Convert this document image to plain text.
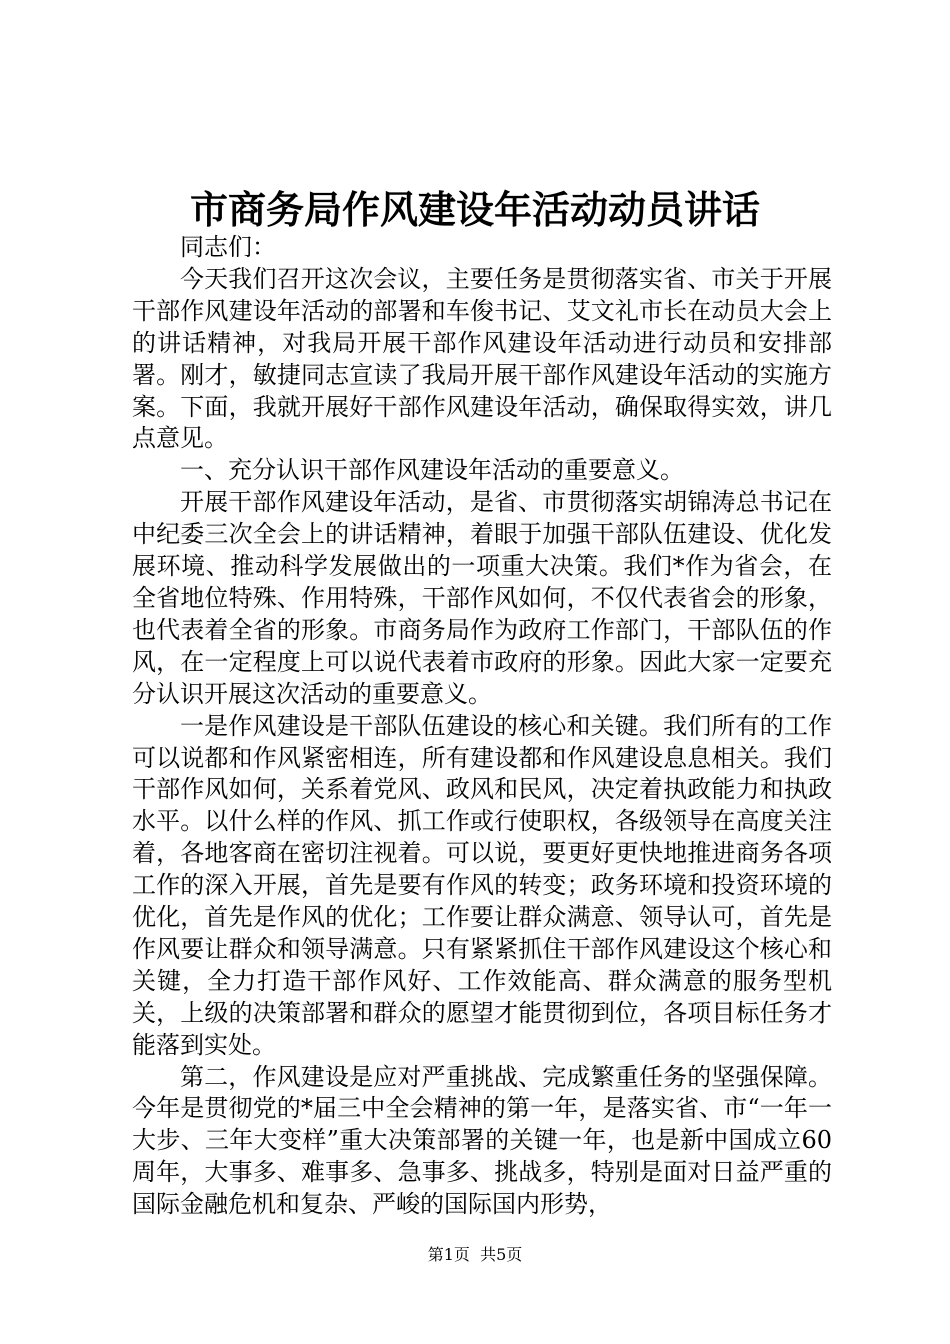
市商务局作风建设年活动动员讲话

同志们：

今天我们召开这次会议，主要任务是贯彻落实省、市关于开展干部作风建设年活动的部署和车俊书记、艾文礼市长在动员大会上的讲话精神，对我局开展干部作风建设年活动进行动员和安排部署。刚才，敏捷同志宣读了我局开展干部作风建设年活动的实施方案。下面，我就开展好干部作风建设年活动，确保取得实效，讲几点意见。

一、充分认识干部作风建设年活动的重要意义。

开展干部作风建设年活动，是省、市贯彻落实胡锦涛总书记在中纪委三次全会上的讲话精神，着眼于加强干部队伍建设、优化发展环境、推动科学发展做出的一项重大决策。我们*作为省会，在全省地位特殊、作用特殊，干部作风如何，不仅代表省会的形象，也代表着全省的形象。市商务局作为政府工作部门，干部队伍的作风，在一定程度上可以说代表着市政府的形象。因此大家一定要充分认识开展这次活动的重要意义。

一是作风建设是干部队伍建设的核心和关键。我们所有的工作可以说都和作风紧密相连，所有建设都和作风建设息息相关。我们干部作风如何，关系着党风、政风和民风，决定着执政能力和执政水平。以什么样的作风、抓工作或行使职权，各级领导在高度关注着，各地客商在密切注视着。可以说，要更好更快地推进商务各项工作的深入开展，首先是要有作风的转变；政务环境和投资环境的优化，首先是作风的优化；工作要让群众满意、领导认可，首先是作风要让群众和领导满意。只有紧紧抓住干部作风建设这个核心和关键，全力打造干部作风好、工作效能高、群众满意的服务型机关，上级的决策部署和群众的愿望才能贯彻到位，各项目标任务才能落到实处。

第二，作风建设是应对严重挑战、完成繁重任务的坚强保障。今年是贯彻党的*届三中全会精神的第一年，是落实省、市“一年一大步、三年大变样”重大决策部署的关键一年，也是新中国成立60周年，大事多、难事多、急事多、挑战多，特别是面对日益严重的国际金融危机和复杂、严峻的国际国内形势，

第1页 共5页
